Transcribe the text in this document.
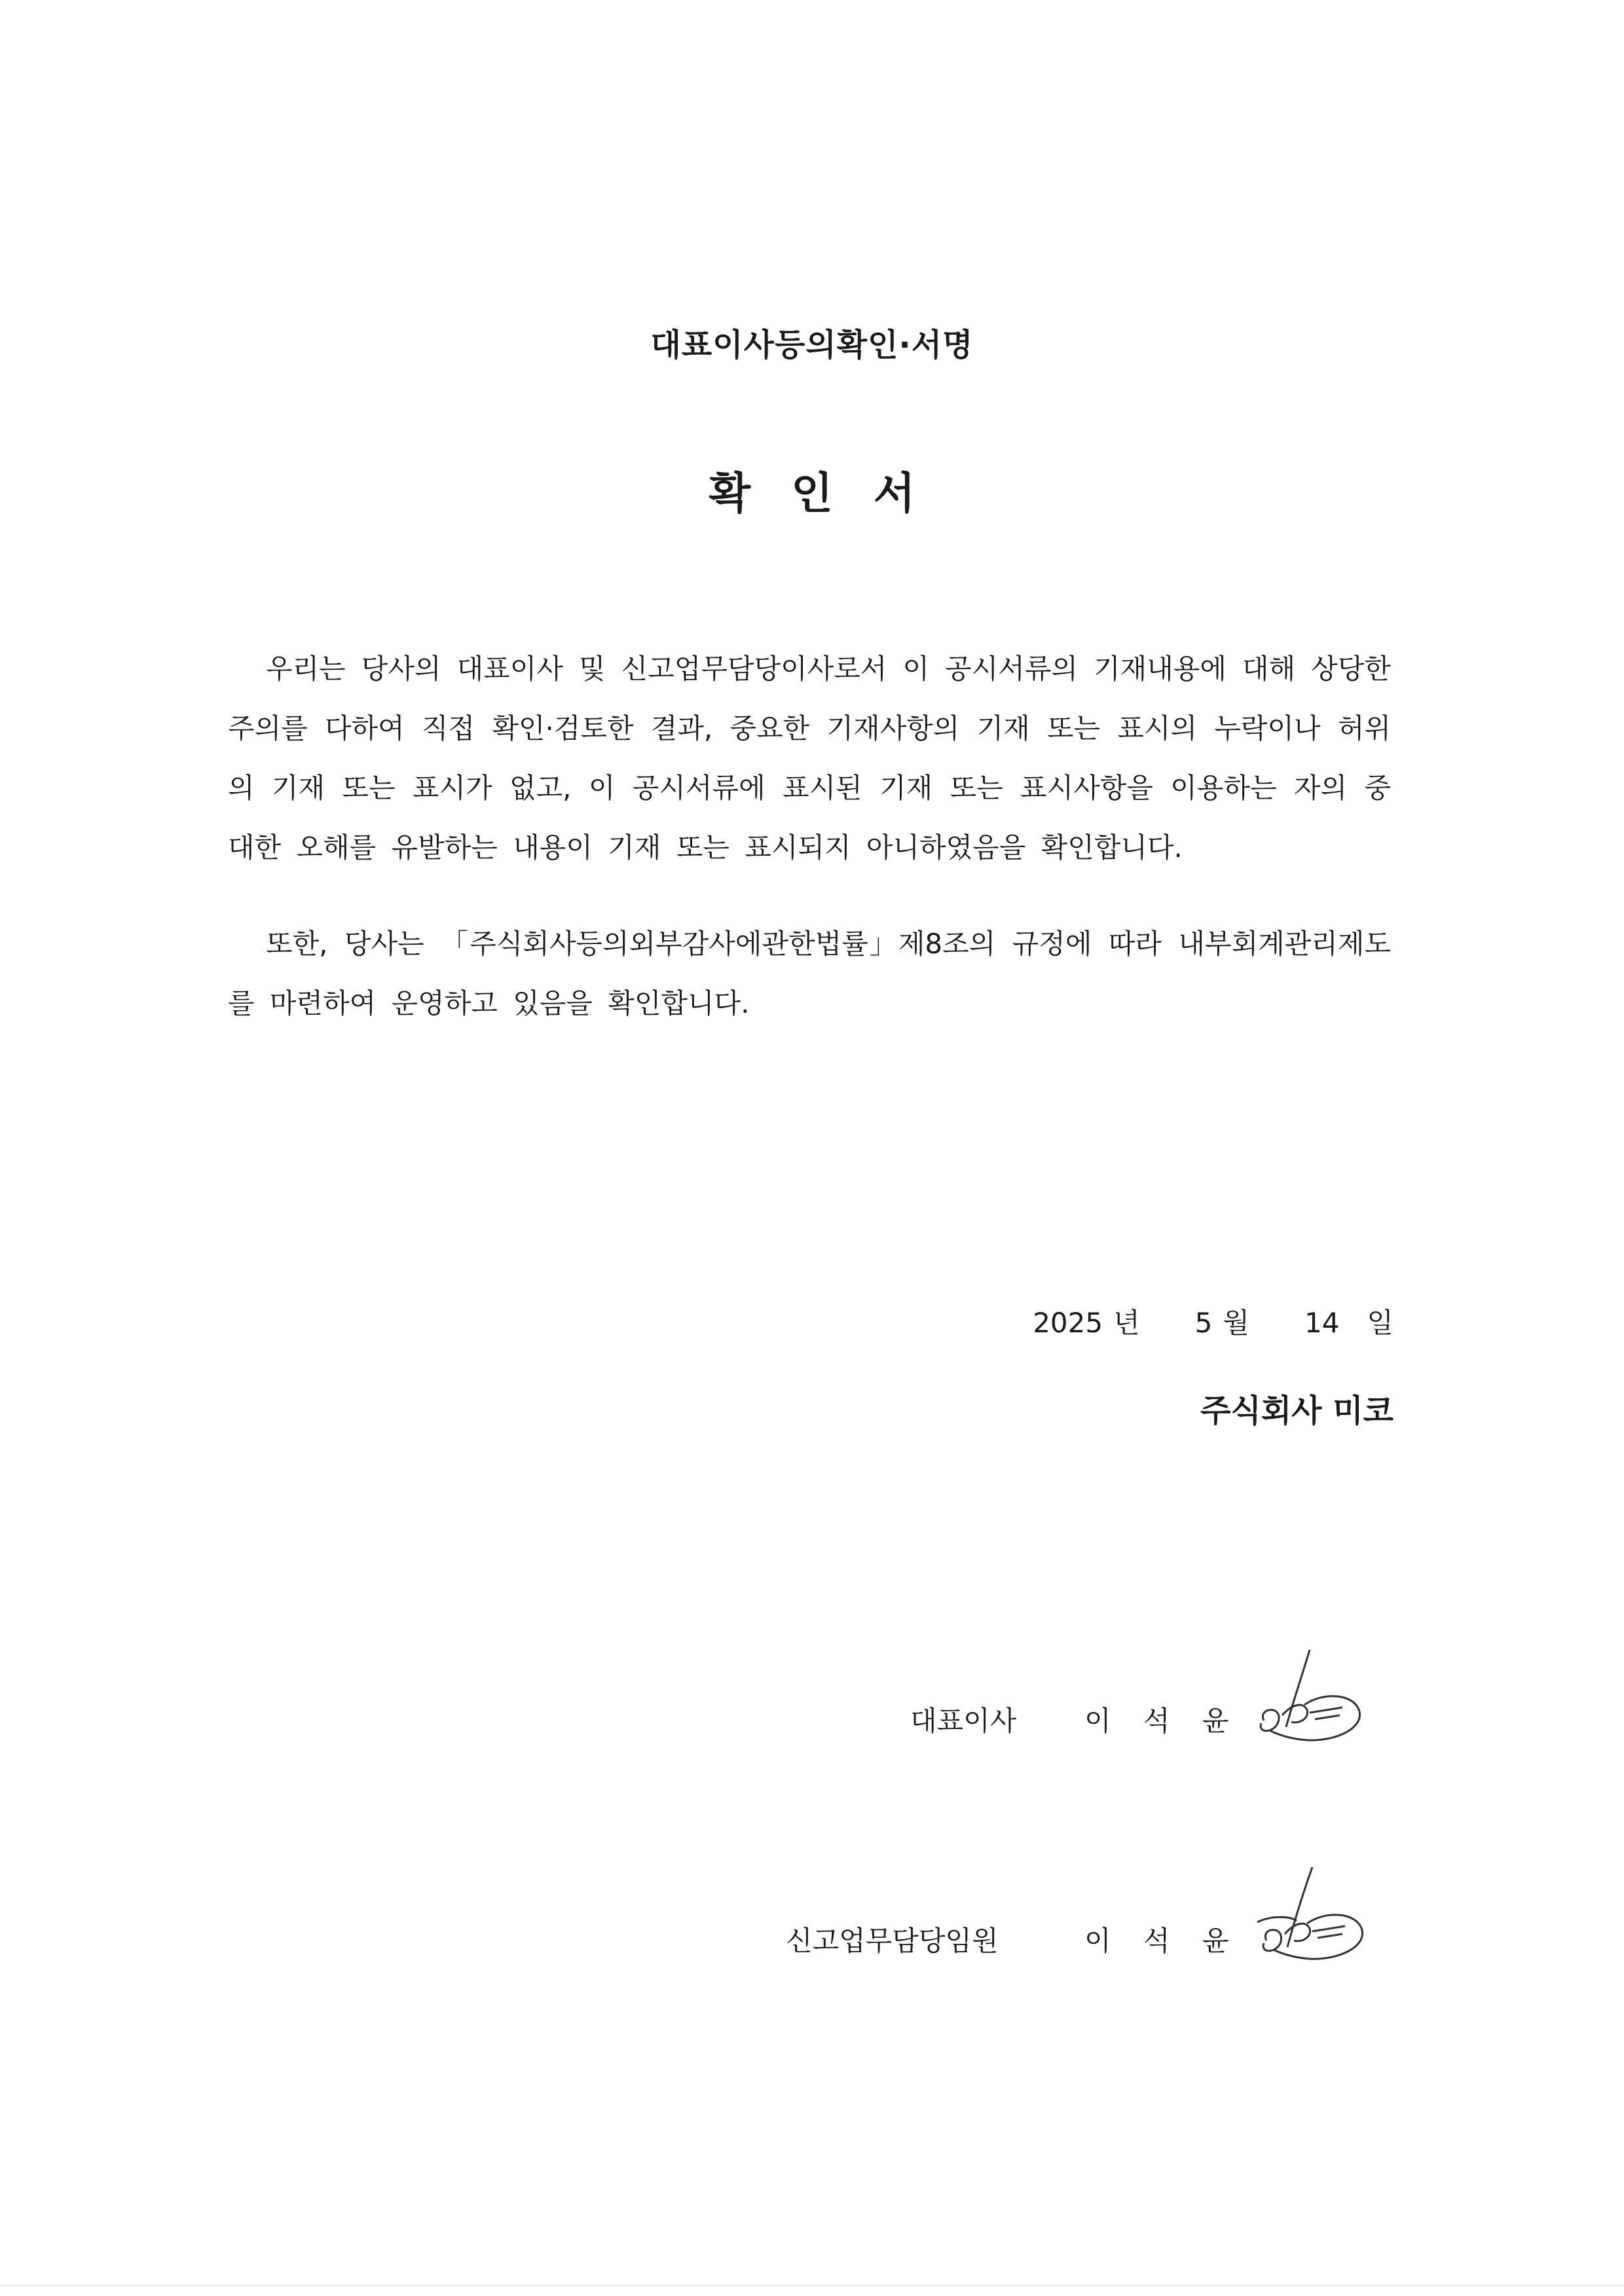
대표이사등의확인·서명
확인서
우리는 당사의 대표이사 및 신고업무담당이사로서 이 공시서류의 기재내용에 대해 상당한 주의를 다하여 직접 확인·검토한 결과, 중요한 기재사항의 기재 또는 표시의 누락이나 허위의 기재 또는 표시가 없고, 이 공시서류에 표시된 기재 또는 표시사항을 이용하는 자의 중대한 오해를 유발하는 내용이 기재 또는 표시되지 아니하였음을 확인합니다.
또한, 당사는 「주식회사등의외부감사에관한법률」제8조의 규정에 따라 내부회계관리제도를 마련하여 운영하고 있음을 확인합니다.
2025 년 5 월 14 일
주식회사 미코
대표이사 이 석 윤
신고업무담당임원	이 석 윤
